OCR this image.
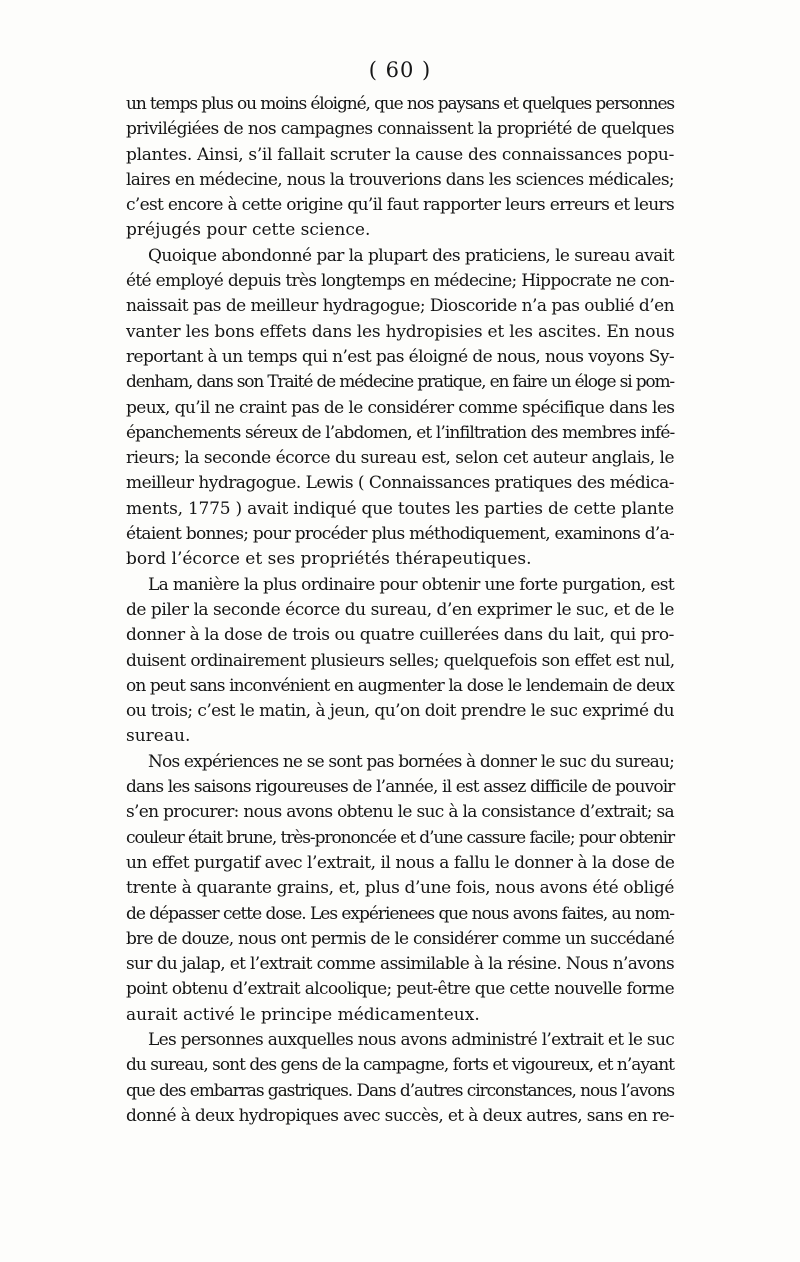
( 60 )
un temps plus ou moins éloigné, que nos paysans et quelques personnes
privilégiées de nos campagnes connaissent la propriété de quelques
plantes. Ainsi, s’il fallait scruter la cause des connaissances popu-
laires en médecine, nous la trouverions dans les sciences médicales;
c’est encore à cette origine qu’il faut rapporter leurs erreurs et leurs
préjugés pour cette science.
Quoique abondonné par la plupart des praticiens, le sureau avait
été employé depuis très longtemps en médecine; Hippocrate ne con-
naissait pas de meilleur hydragogue; Dioscoride n’a pas oublié d’en
vanter les bons effets dans les hydropisies et les ascites. En nous
reportant à un temps qui n’est pas éloigné de nous, nous voyons Sy-
denham, dans son Traité de médecine pratique, en faire un éloge si pom-
peux, qu’il ne craint pas de le considérer comme spécifique dans les
épanchements séreux de l’abdomen, et l’infiltration des membres infé-
rieurs; la seconde écorce du sureau est, selon cet auteur anglais, le
meilleur hydragogue. Lewis ( Connaissances pratiques des médica-
ments, 1775 ) avait indiqué que toutes les parties de cette plante
étaient bonnes; pour procéder plus méthodiquement, examinons d’a-
bord l’écorce et ses propriétés thérapeutiques.
La manière la plus ordinaire pour obtenir une forte purgation, est
de piler la seconde écorce du sureau, d’en exprimer le suc, et de le
donner à la dose de trois ou quatre cuillerées dans du lait, qui pro-
duisent ordinairement plusieurs selles; quelquefois son effet est nul,
on peut sans inconvénient en augmenter la dose le lendemain de deux
ou trois; c’est le matin, à jeun, qu’on doit prendre le suc exprimé du
sureau.
Nos expériences ne se sont pas bornées à donner le suc du sureau;
dans les saisons rigoureuses de l’année, il est assez difficile de pouvoir
s’en procurer: nous avons obtenu le suc à la consistance d’extrait; sa
couleur était brune, très-prononcée et d’une cassure facile; pour obtenir
un effet purgatif avec l’extrait, il nous a fallu le donner à la dose de
trente à quarante grains, et, plus d’une fois, nous avons été obligé
de dépasser cette dose. Les expérienees que nous avons faites, au nom-
bre de douze, nous ont permis de le considérer comme un succédané
sur du jalap, et l’extrait comme assimilable à la résine. Nous n’avons
point obtenu d’extrait alcoolique; peut-être que cette nouvelle forme
aurait activé le principe médicamenteux.
Les personnes auxquelles nous avons administré l’extrait et le suc
du sureau, sont des gens de la campagne, forts et vigoureux, et n’ayant
que des embarras gastriques. Dans d’autres circonstances, nous l’avons
donné à deux hydropiques avec succès, et à deux autres, sans en re-
